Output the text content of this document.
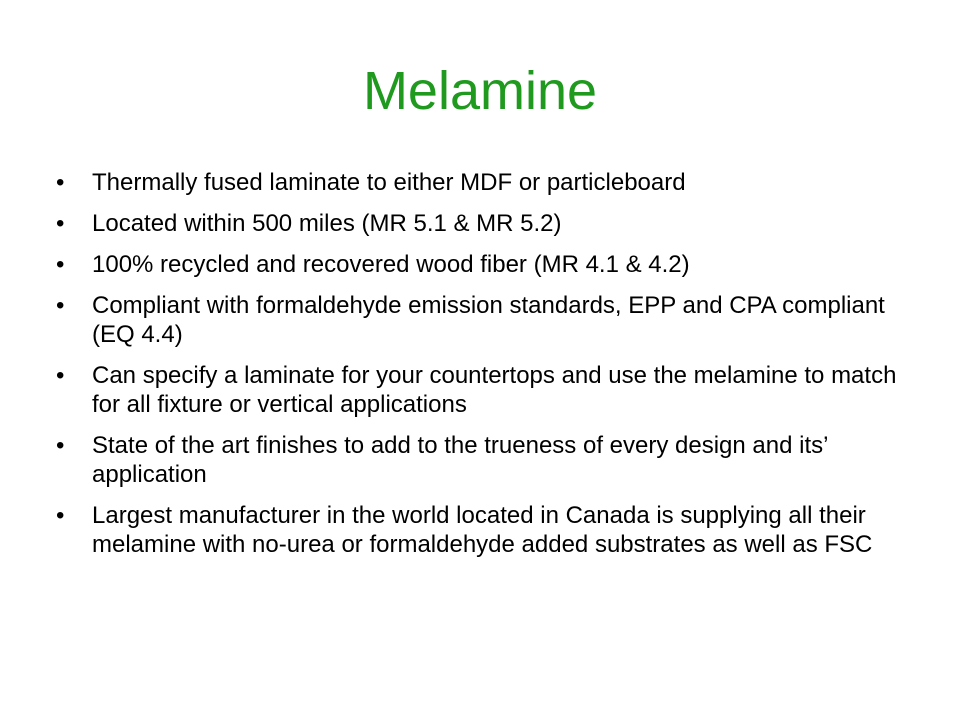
Melamine
• Thermally fused laminate to either MDF or particleboard
• Located within 500 miles (MR 5.1 & MR 5.2)
• 100% recycled and recovered wood fiber (MR 4.1 & 4.2)
• Compliant with formaldehyde emission standards, EPP and CPA compliant (EQ 4.4)
• Can specify a laminate for your countertops and use the melamine to match for all fixture or vertical applications
• State of the art finishes to add to the trueness of every design and its’ application
• Largest manufacturer in the world located in Canada is supplying all their melamine with no-urea or formaldehyde added substrates as well as FSC
